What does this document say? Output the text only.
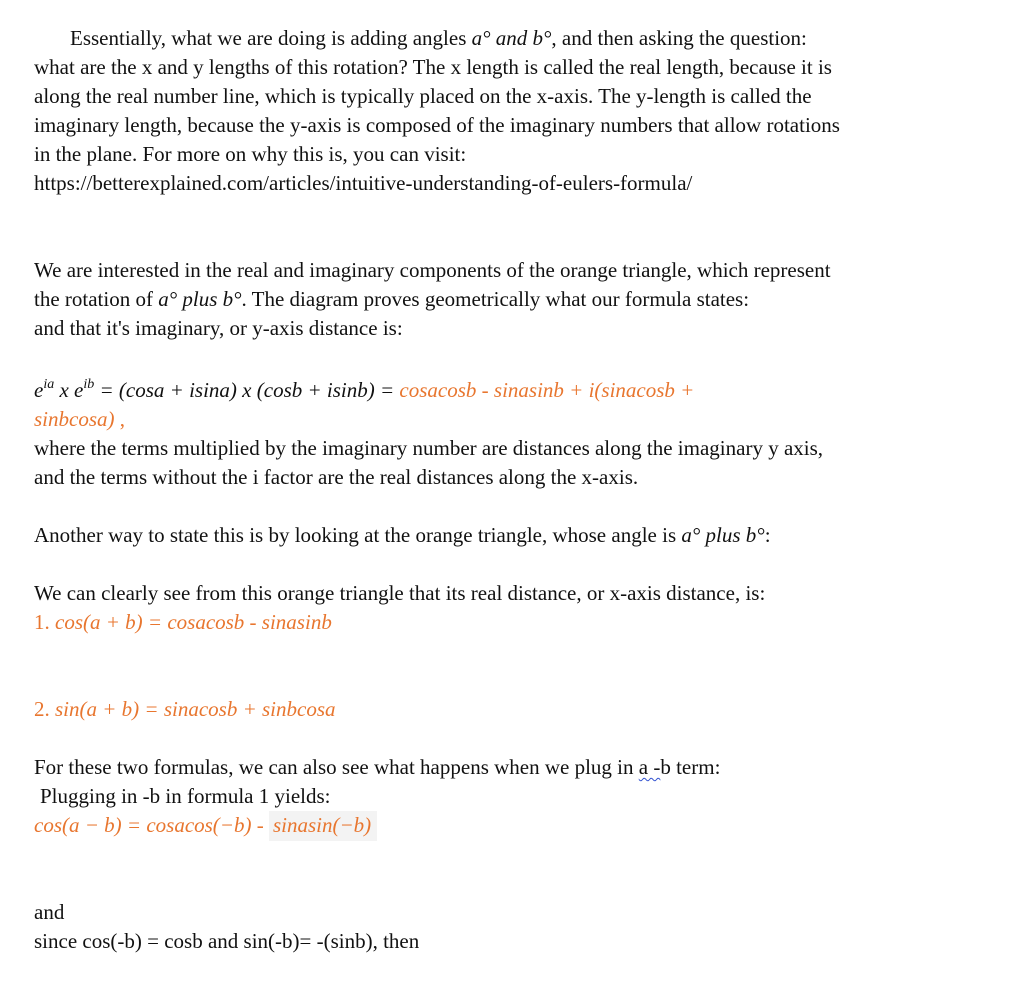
Essentially, what we are doing is adding angles a° and b°, and then asking the question:
what are the x and y lengths of this rotation? The x length is called the real length, because it is
along the real number line, which is typically placed on the x-axis. The y-length is called the
imaginary length, because the y-axis is composed of the imaginary numbers that allow rotations
in the plane. For more on why this is, you can visit:
https://betterexplained.com/articles/intuitive-understanding-of-eulers-formula/
We are interested in the real and imaginary components of the orange triangle, which represent
the rotation of a° plus b°. The diagram proves geometrically what our formula states:
and that it's imaginary, or y-axis distance is:
$e^{ia}$ x $e^{ib} = (\cos a + isina)$ x (cosb + isinb) = cosacosb - sinasinb + i(sinacosb +
sinbcosa) ,
where the terms multiplied by the imaginary number are distances along the imaginary y axis,
and the terms without the i factor are the real distances along the x-axis.
Another way to state this is by looking at the orange triangle, whose angle is a° plus b°:
We can clearly see from this orange triangle that its real distance, or x-axis distance, is:
1. cos(a + b) = cosacosb - sinasinb
2. sin(a + b) = sinacosb + sinbcosa
For these two formulas, we can also see what happens when we plug in a -b term:
Plugging in -b in formula 1 yields:
cos(a − b) = cosacos(−b) - sinasin(−b)
and
since cos(-b) = cosb and sin(-b)= -(sinb), then
